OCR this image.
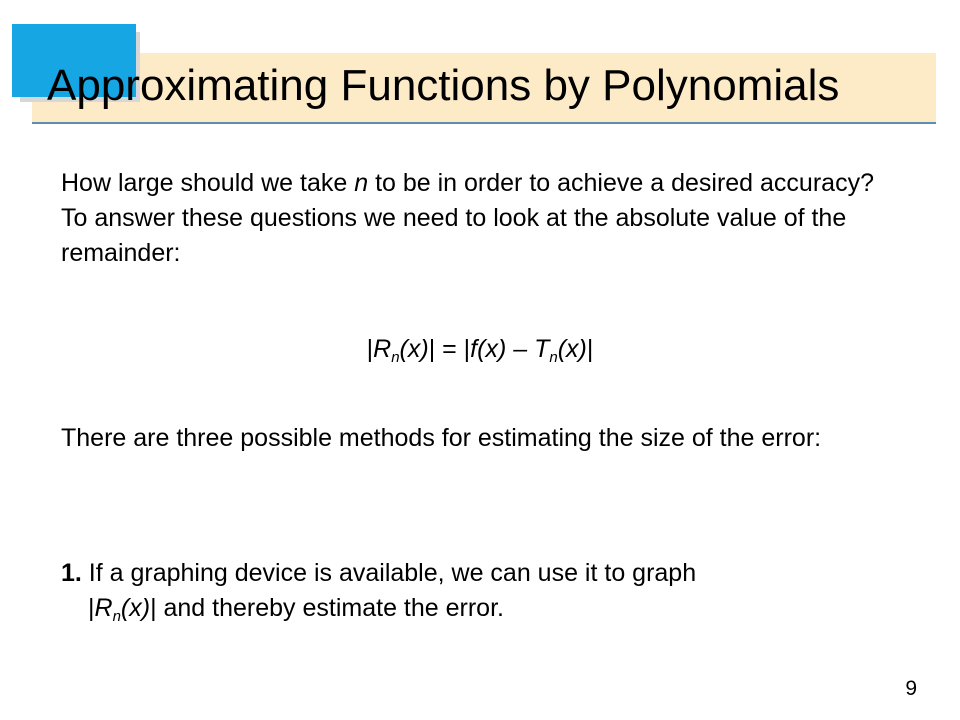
Approximating Functions by Polynomials

How large should we take n to be in order to achieve a desired accuracy? To answer these questions we need to look at the absolute value of the remainder:

$|R_n(x)| = |f(x) - T_n(x)|$

There are three possible methods for estimating the size of the error:

1. If a graphing device is available, we can use it to graph
$|R_n(x)|$ and thereby estimate the error.

9
